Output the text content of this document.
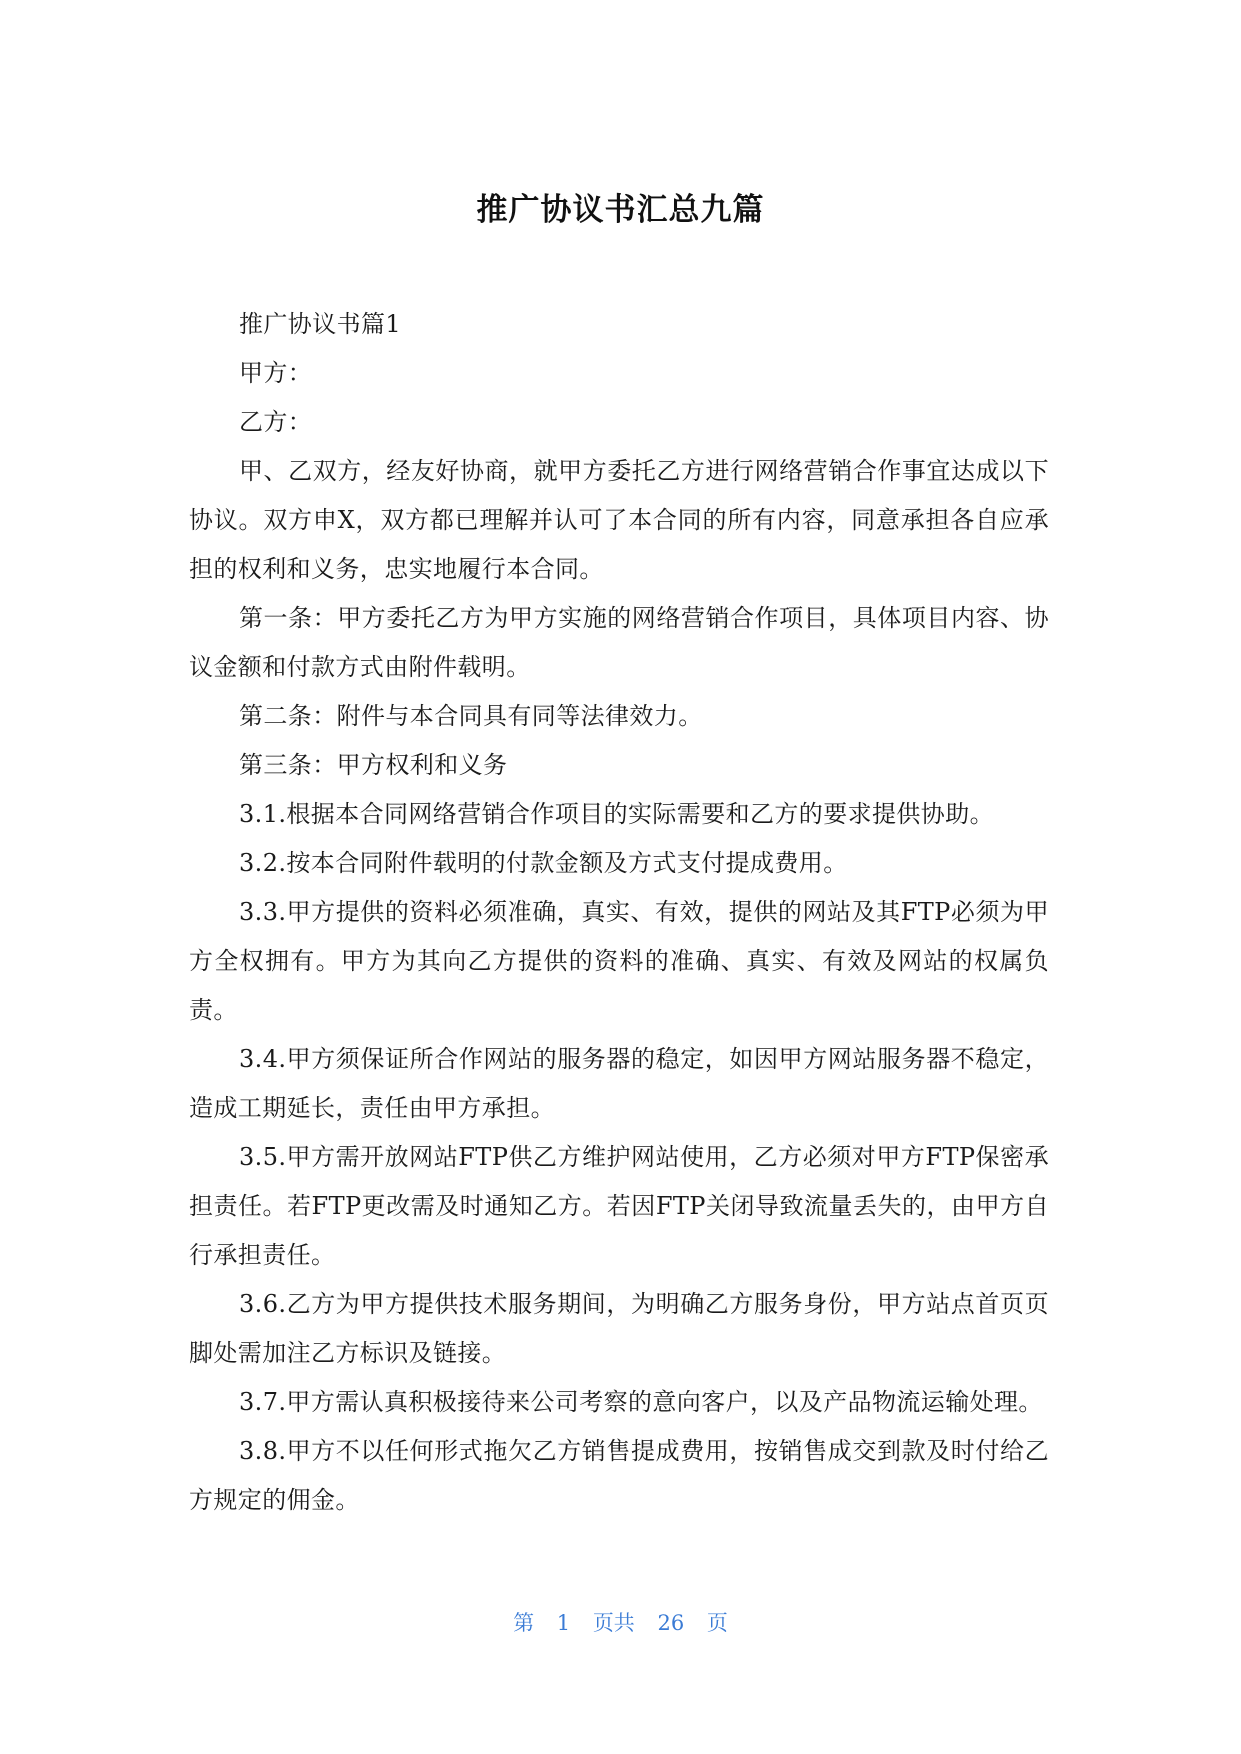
推广协议书汇总九篇

推广协议书篇1

甲方：

乙方：

甲、乙双方，经友好协商，就甲方委托乙方进行网络营销合作事宜达成以下协议。双方申X，双方都已理解并认可了本合同的所有内容，同意承担各自应承担的权利和义务，忠实地履行本合同。

第一条：甲方委托乙方为甲方实施的网络营销合作项目，具体项目内容、协议金额和付款方式由附件载明。

第二条：附件与本合同具有同等法律效力。

第三条：甲方权利和义务

3.1.根据本合同网络营销合作项目的实际需要和乙方的要求提供协助。

3.2.按本合同附件载明的付款金额及方式支付提成费用。

3.3.甲方提供的资料必须准确，真实、有效，提供的网站及其FTP必须为甲方全权拥有。甲方为其向乙方提供的资料的准确、真实、有效及网站的权属负责。

3.4.甲方须保证所合作网站的服务器的稳定，如因甲方网站服务器不稳定，造成工期延长，责任由甲方承担。

3.5.甲方需开放网站FTP供乙方维护网站使用，乙方必须对甲方FTP保密承担责任。若FTP更改需及时通知乙方。若因FTP关闭导致流量丢失的，由甲方自行承担责任。

3.6.乙方为甲方提供技术服务期间，为明确乙方服务身份，甲方站点首页页脚处需加注乙方标识及链接。

3.7.甲方需认真积极接待来公司考察的意向客户，以及产品物流运输处理。

3.8.甲方不以任何形式拖欠乙方销售提成费用，按销售成交到款及时付给乙方规定的佣金。

第 1 页共 26 页
